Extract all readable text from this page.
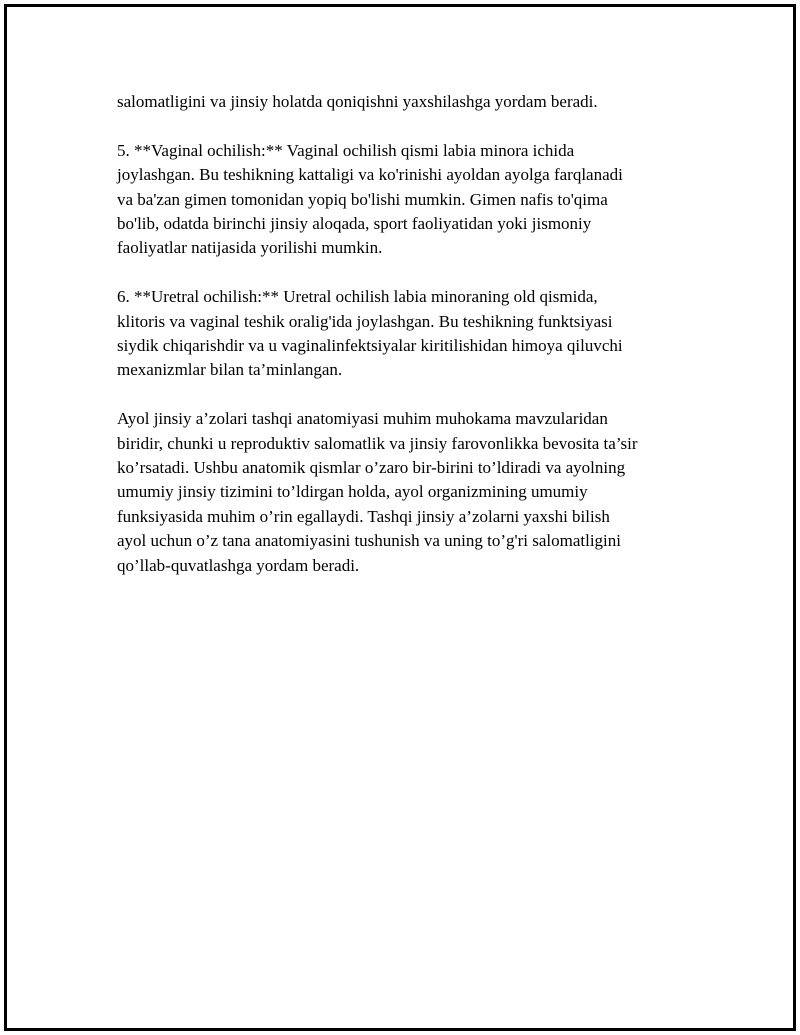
salomatligini va jinsiy holatda qoniqishni yaxshilashga yordam beradi.

5. **Vaginal ochilish:** Vaginal ochilish qismi labia minora ichida
joylashgan. Bu teshikning kattaligi va ko'rinishi ayoldan ayolga farqlanadi
va ba'zan gimen tomonidan yopiq bo'lishi mumkin. Gimen nafis to'qima
bo'lib, odatda birinchi jinsiy aloqada, sport faoliyatidan yoki jismoniy
faoliyatlar natijasida yorilishi mumkin.

6. **Uretral ochilish:** Uretral ochilish labia minoraning old qismida,
klitoris va vaginal teshik oralig'ida joylashgan. Bu teshikning funktsiyasi
siydik chiqarishdir va u vaginalinfektsiyalar kiritilishidan himoya qiluvchi
mexanizmlar bilan ta’minlangan.

Ayol jinsiy a’zolari tashqi anatomiyasi muhim muhokama mavzularidan
biridir, chunki u reproduktiv salomatlik va jinsiy farovonlikka bevosita ta’sir
ko’rsatadi. Ushbu anatomik qismlar o’zaro bir-birini to’ldiradi va ayolning
umumiy jinsiy tizimini to’ldirgan holda, ayol organizmining umumiy
funksiyasida muhim o’rin egallaydi. Tashqi jinsiy a’zolarni yaxshi bilish
ayol uchun o’z tana anatomiyasini tushunish va uning to’g'ri salomatligini
qo’llab-quvatlashga yordam beradi.
